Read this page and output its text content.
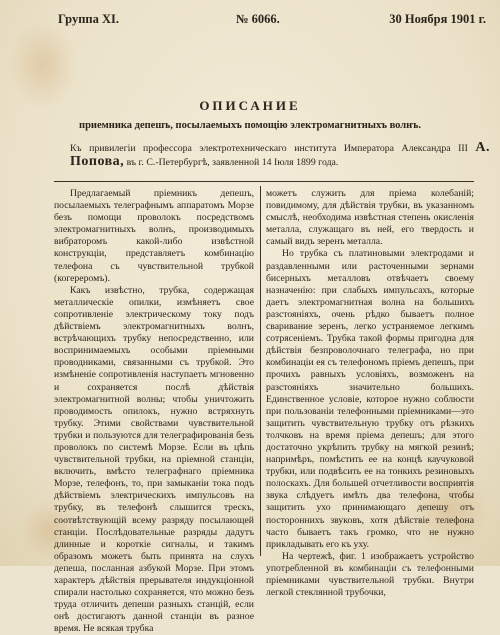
Группа XI.	№ 6066.	30 Ноября 1901 г.
ОПИСАНИЕ
приемника депешъ, посылаемыхъ помощію электромагнитныхъ волнъ.
Къ привилегіи профессора электротехническаго института Императора Александра III А. Попова, въ г. С.-Петербургѣ, заявленной 14 Іюля 1899 года.

Предлагаемый пріемникъ депешъ, посылаемыхъ телеграфнымъ аппаратомъ Морзе безъ помощи проволокъ посредствомъ электромагнитныхъ волнъ, производимыхъ вибраторомъ какой-либо извѣстной конструкціи, представляетъ комбинацію телефона съ чувствительной трубкой (когереромъ).

Какъ извѣстно, трубка, содержащая металлическіе опилки, измѣняетъ свое сопротивленіе электрическому току подъ дѣйствіемъ электромагнитныхъ волнъ, встрѣчающихъ трубку непосредственно, или воспринимаемыхъ особыми пріемными проводниками, связанными съ трубкой. Это измѣненіе сопротивленія наступаетъ мгновенно и сохраняется послѣ дѣйствія электромагнитной волны; чтобы уничтожить проводимость опилокъ, нужно встряхнуть трубку. Этими свойствами чувствительной трубки и пользуются для телеграфированія безъ проволокъ по системѣ Морзе. Если въ цѣпь чувствительной трубки, на пріемной станціи, включить, вмѣсто телеграфнаго пріемника Морзе, телефонъ, то, при замыканіи тока подъ дѣйствіемъ электрическихъ импульсовъ на трубку, въ телефонѣ слышится трескъ, соотвѣтствующій всему разряду посылающей станціи. Послѣдовательные разряды дадутъ длинные и короткіе сигналы, и такимъ образомъ можетъ быть принята на слухъ депеша, посланная азбукой Морзе. При этомъ характеръ дѣйствія прерывателя индукціонной спирали настолько сохраняется, что можно безъ труда отличить депеши разныхъ станцій, если онѣ достигаютъ данной станціи въ разное время. Не всякая трубка

можетъ служить для пріема колебаній; повидимому, для дѣйствія трубки, въ указанномъ смыслѣ, необходима извѣстная степень окисленія металла, служащаго въ ней, его твердость и самый видъ зеренъ металла.

Но трубка съ платиновыми электродами и раздавленными или расточенными зернами бисерныхъ металловъ отвѣчаетъ своему назначенію: при слабыхъ импульсахъ, которые даетъ электромагнитная волна на большихъ разстояніяхъ, очень рѣдко бываетъ полное сваривание зеренъ, легко устраняемое легкимъ сотрясеніемъ. Трубка такой формы пригодна для дѣйствія безпроволочнаго телеграфа, но при комбинаціи ея съ телефономъ пріемъ депешъ, при прочихъ равныхъ условіяхъ, возможенъ на разстояніяхъ значительно большихъ. Единственное условіе, которое нужно соблюсти при пользованіи телефонными пріемниками—это защитить чувствительную трубку отъ рѣзкихъ толчковъ на время пріема депешъ; для этого достаточно укрѣпить трубку на мягкой резинѣ; напримѣръ, помѣстить ее на концѣ каучуковой трубки, или подвѣсить ее на тонкихъ резиновыхъ полоскахъ. Для большей отчетливости восприятія звука слѣдуетъ имѣть два телефона, чтобы защитить ухо принимающаго депешу отъ постороннихъ звуковъ, хотя дѣйствіе телефона часто бываетъ такъ громко, что не нужно прикладывать его къ уху.

На чертежѣ, фиг. 1 изображаетъ устройство употребленной въ комбинаціи съ телефонными пріемниками чувствительной трубки. Внутри легкой стеклянной трубочки,
